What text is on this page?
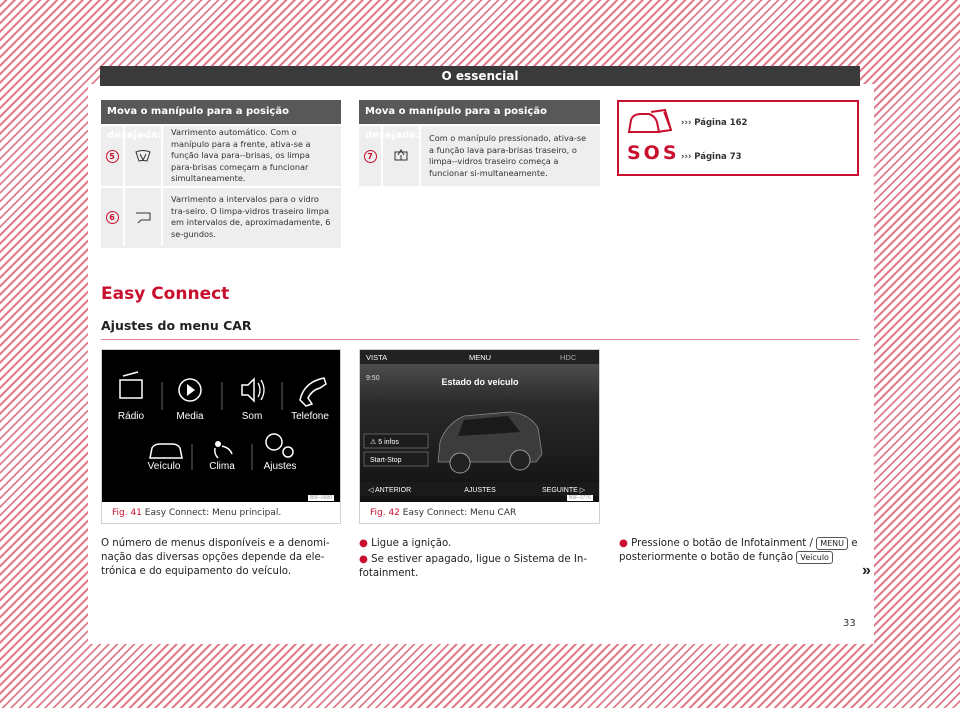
O essencial
Mova o manípulo para a posição desejada:
5
Varrimento automático. Com o manípulo para a frente, ativa-se a função lava para--brisas, os limpa para-brisas começam a funcionar simultaneamente.
6
Varrimento a intervalos para o vidro tra-seiro. O limpa-vidros traseiro limpa em intervalos de, aproximadamente, 6 se-gundos.
Mova o manípulo para a posição desejada:
7
Com o manípulo pressionado, ativa-se a função lava para-brisas traseiro, o limpa--vidros traseiro começa a funcionar si-multaneamente.
››› Página 162
SOS ››› Página 73
Easy Connect
Ajustes do menu CAR
Rádio	Media	Som	Telefone
Veículo	Clima	Ajustes
B5F-0680
Fig. 41 Easy Connect: Menu principal.
VISTA	MENU	HDC
9:50	Estado do veículo
⚠ 5 infos
Start-Stop
◁ ANTERIOR	AJUSTES	SEGUINTE ▷
B5F-0776
Fig. 42 Easy Connect: Menu CAR
O número de menus disponíveis e a denomi-nação das diversas opções depende da ele-trónica e do equipamento do veículo.
● Ligue a ignição.
● Se estiver apagado, ligue o Sistema de In-fotainment.
● Pressione o botão de Infotainment / MENU e posteriormente o botão de função Veículo
»
33
